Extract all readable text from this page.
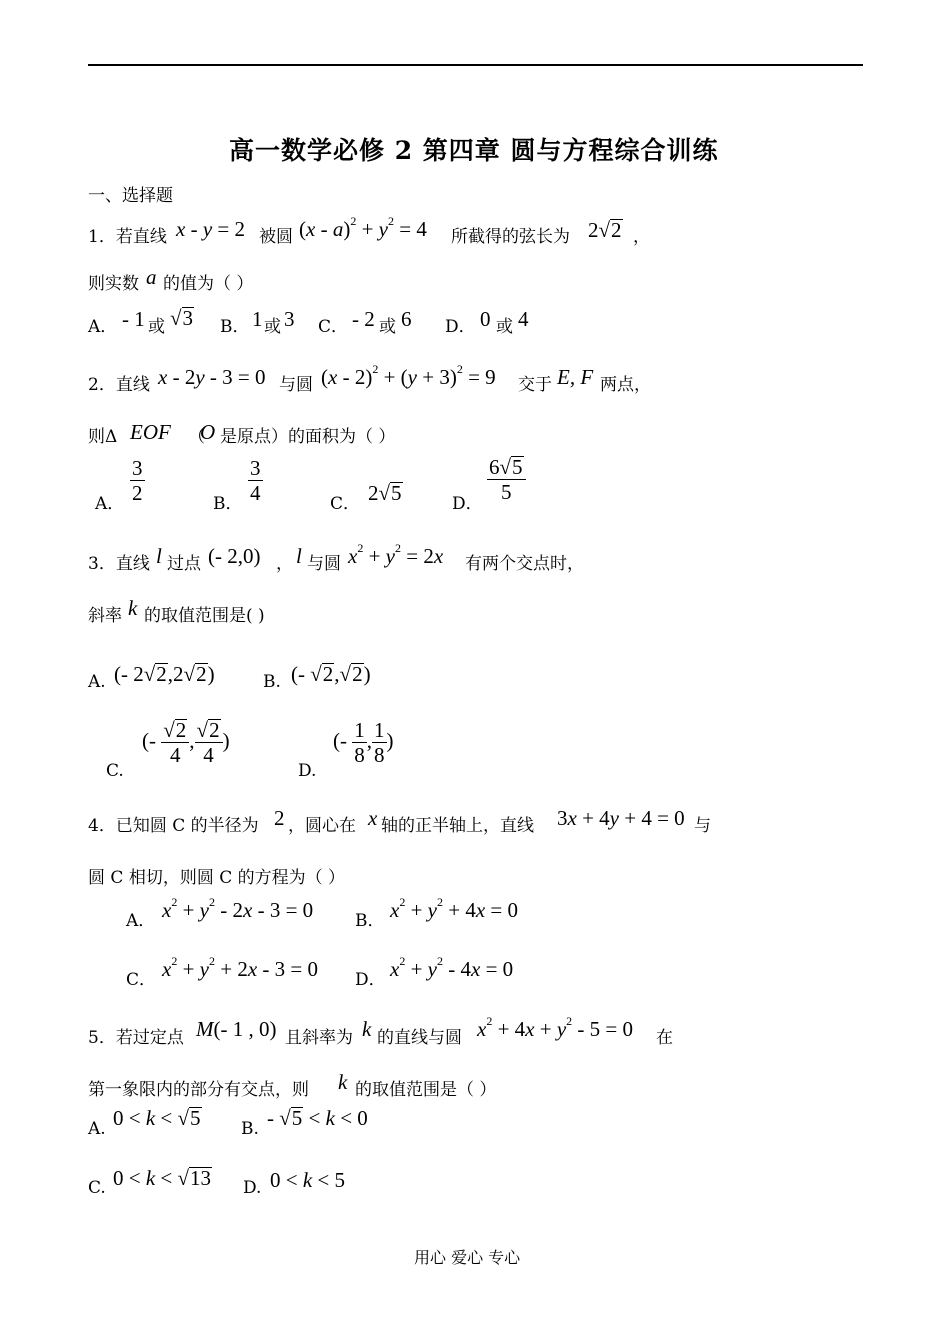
高一数学必修 2 第四章 圆与方程综合训练
一、选择题
1．若直线 x - y = 2 被圆 $(x - a)^2 + y^2 = 4$ 所截得的弦长为 2√2 ，
则实数 a 的值为（ ）
A． - 1 或 √3 B． 1 或 3 C． - 2 或 6 D． 0 或 4
2．直线 x - 2y - 3 = 0 与圆 $(x - 2)^2 + (y + 3)^2 = 9$ 交于 E, F 两点，
则Δ EOF （
O 是原点）的面积为（ ）
A． $\frac{3}{2}$	B． $\frac{3}{4}$	C． 2√5	D． $\frac{6√5}{5}$
3．直线 l 过点 (- 2,0) ， l 与圆 $x^2 + y^2 = 2x$ 有两个交点时，
斜率 k 的取值范围是( )
A. (- 2√2,2√2)	B. (- √2,√2)
C.
(- $\frac{√2}{4}$ , $\frac{√2}{4}$ )
D.
(- $\frac{1}{8}$ , $\frac{1}{8}$ )
4．已知圆 C 的半径为 2 ，圆心在 x 轴的正半轴上，直线 3x + 4y + 4 = 0 与
圆 C 相切，则圆 C 的方程为（ ）
A． $x^2 + y^2 - 2x - 3 = 0$ B． $x^2 + y^2 + 4x = 0$
C． $x^2 + y^2 + 2x - 3 = 0$ D． $x^2 + y^2 - 4x = 0$
5．若过定点 M(- 1 , 0) 且斜率为 k 的直线与圆 $x^2 + 4x + y^2 - 5 = 0$ 在
第一象限内的部分有交点，则 k 的取值范围是（ ）
A. 0 < k < √5 B. - √5 < k < 0
C. 0 < k < √13 D. 0 < k < 5
用心 爱心 专心
